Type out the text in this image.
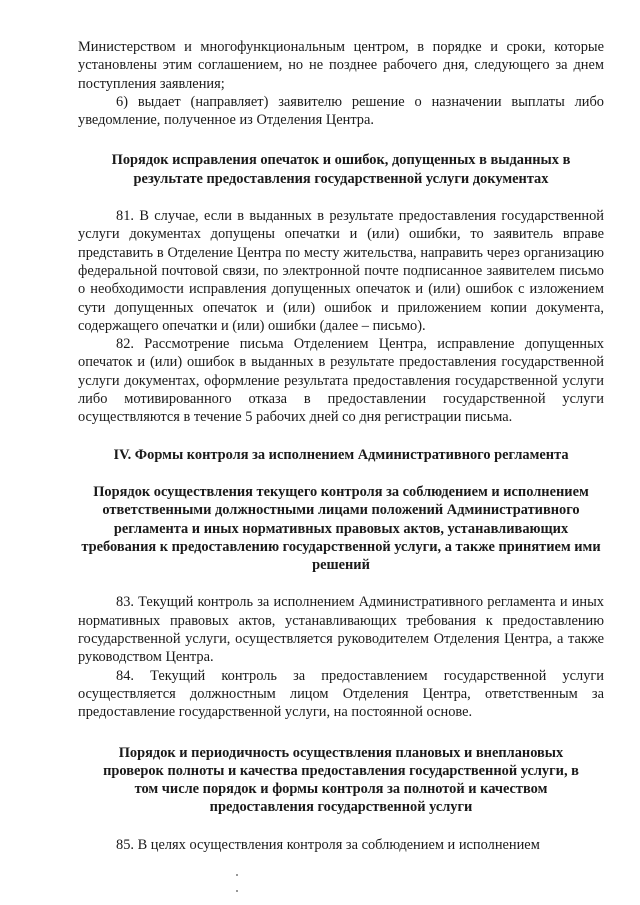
Министерством и многофункциональным центром, в порядке и сроки, которые установлены этим соглашением, но не позднее рабочего дня, следующего за днем поступления заявления;

6) выдает (направляет) заявителю решение о назначении выплаты либо уведомление, полученное из Отделения Центра.

Порядок исправления опечаток и ошибок, допущенных в выданных в результате предоставления государственной услуги документах

81. В случае, если в выданных в результате предоставления государственной услуги документах допущены опечатки и (или) ошибки, то заявитель вправе представить в Отделение Центра по месту жительства, направить через организацию федеральной почтовой связи, по электронной почте подписанное заявителем письмо о необходимости исправления допущенных опечаток и (или) ошибок с изложением сути допущенных опечаток и (или) ошибок и приложением копии документа, содержащего опечатки и (или) ошибки (далее – письмо).

82. Рассмотрение письма Отделением Центра, исправление допущенных опечаток и (или) ошибок в выданных в результате предоставления государственной услуги документах, оформление результата предоставления государственной услуги либо мотивированного отказа в предоставлении государственной услуги осуществляются в течение 5 рабочих дней со дня регистрации письма.

IV. Формы контроля за исполнением Административного регламента

Порядок осуществления текущего контроля за соблюдением и исполнением ответственными должностными лицами положений Административного регламента и иных нормативных правовых актов, устанавливающих требования к предоставлению государственной услуги, а также принятием ими решений

83. Текущий контроль за исполнением Административного регламента и иных нормативных правовых актов, устанавливающих требования к предоставлению государственной услуги, осуществляется руководителем Отделения Центра, а также руководством Центра.

84. Текущий контроль за предоставлением государственной услуги осуществляется должностным лицом Отделения Центра, ответственным за предоставление государственной услуги, на постоянной основе.

Порядок и периодичность осуществления плановых и внеплановых проверок полноты и качества предоставления государственной услуги, в том числе порядок и формы контроля за полнотой и качеством предоставления государственной услуги

85. В целях осуществления контроля за соблюдением и исполнением
